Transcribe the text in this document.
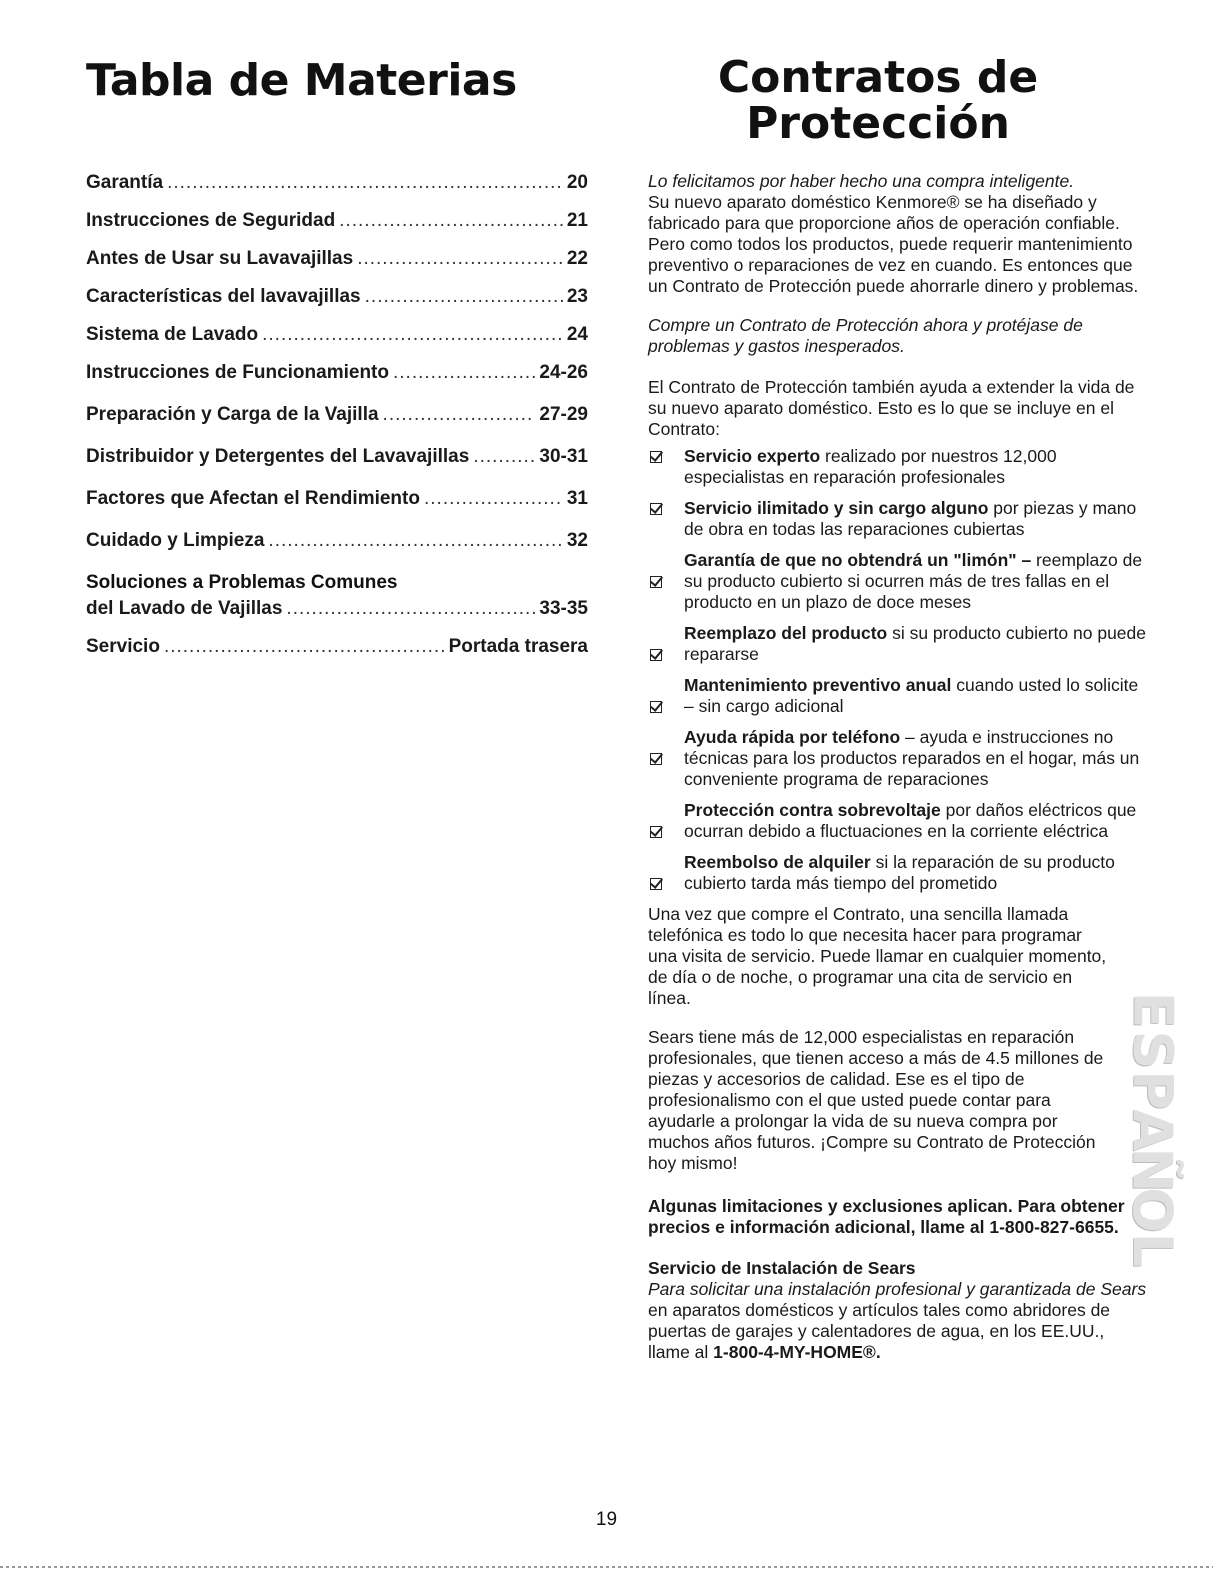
Tabla de Materias
Garantía .....	20
Instrucciones de Seguridad .....	21
Antes de Usar su Lavavajillas .....	22
Características del lavavajillas .....	23
Sistema de Lavado .....	24
Instrucciones de Funcionamiento .....	24-26
Preparación y Carga de la Vajilla .....	27-29
Distribuidor y Detergentes del Lavavajillas .....	30-31
Factores que Afectan el Rendimiento .....	31
Cuidado y Limpieza .....	32
Soluciones a Problemas Comunes
del Lavado de Vajillas .....	33-35
Servicio .....	Portada trasera
Contratos de
Protección

Lo felicitamos por haber hecho una compra inteligente.

Su nuevo aparato doméstico Kenmore® se ha diseñado y fabricado para que proporcione años de operación confiable. Pero como todos los productos, puede requerir mantenimiento preventivo o reparaciones de vez en cuando. Es entonces que un Contrato de Protección puede ahorrarle dinero y problemas.

Compre un Contrato de Protección ahora y protéjase de problemas y gastos inesperados.

El Contrato de Protección también ayuda a extender la vida de su nuevo aparato doméstico. Esto es lo que se incluye en el Contrato:

Servicio experto realizado por nuestros 12,000 especialistas en reparación profesionales
Servicio ilimitado y sin cargo alguno por piezas y mano de obra en todas las reparaciones cubiertas
Garantía de que no obtendrá un "limón" – reemplazo de su producto cubierto si ocurren más de tres fallas en el producto en un plazo de doce meses
Reemplazo del producto si su producto cubierto no puede repararse
Mantenimiento preventivo anual cuando usted lo solicite – sin cargo adicional
Ayuda rápida por teléfono – ayuda e instrucciones no técnicas para los productos reparados en el hogar, más un conveniente programa de reparaciones
Protección contra sobrevoltaje por daños eléctricos que ocurran debido a fluctuaciones en la corriente eléctrica
Reembolso de alquiler si la reparación de su producto cubierto tarda más tiempo del prometido

Una vez que compre el Contrato, una sencilla llamada telefónica es todo lo que necesita hacer para programar una visita de servicio. Puede llamar en cualquier momento, de día o de noche, o programar una cita de servicio en línea.

Sears tiene más de 12,000 especialistas en reparación profesionales, que tienen acceso a más de 4.5 millones de piezas y accesorios de calidad. Ese es el tipo de profesionalismo con el que usted puede contar para ayudarle a prolongar la vida de su nueva compra por muchos años futuros. ¡Compre su Contrato de Protección hoy mismo!

Algunas limitaciones y exclusiones aplican. Para obtener precios e información adicional, llame al 1-800-827-6655.

Servicio de Instalación de Sears

Para solicitar una instalación profesional y garantizada de Sears en aparatos domésticos y artículos tales como abridores de puertas de garajes y calentadores de agua, en los EE.UU., llame al 1-800-4-MY-HOME®.

E
S
P
A
Ñ
O
L
19
